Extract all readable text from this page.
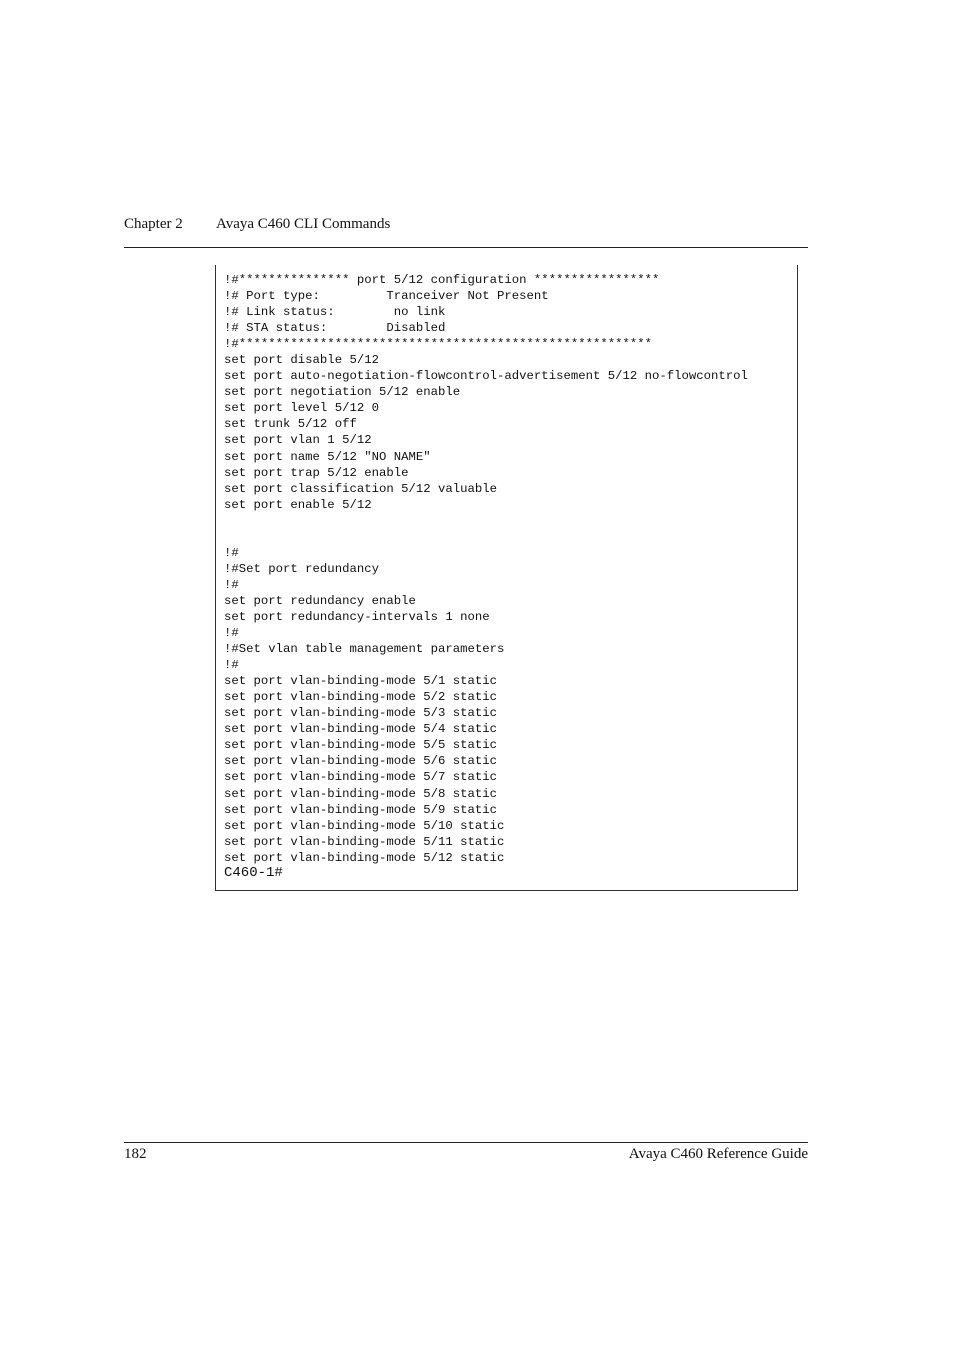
Chapter 2 Avaya C460 CLI Commands
!#*************** port 5/12 configuration *****************
!# Port type:         Tranceiver Not Present
!# Link status:        no link
!# STA status:        Disabled
!#********************************************************
set port disable 5/12
set port auto-negotiation-flowcontrol-advertisement 5/12 no-flowcontrol
set port negotiation 5/12 enable
set port level 5/12 0
set trunk 5/12 off
set port vlan 1 5/12
set port name 5/12 "NO NAME"
set port trap 5/12 enable
set port classification 5/12 valuable
set port enable 5/12
!#
!#Set port redundancy
!#
set port redundancy enable
set port redundancy-intervals 1 none
!#
!#Set vlan table management parameters
!#
set port vlan-binding-mode 5/1 static
set port vlan-binding-mode 5/2 static
set port vlan-binding-mode 5/3 static
set port vlan-binding-mode 5/4 static
set port vlan-binding-mode 5/5 static
set port vlan-binding-mode 5/6 static
set port vlan-binding-mode 5/7 static
set port vlan-binding-mode 5/8 static
set port vlan-binding-mode 5/9 static
set port vlan-binding-mode 5/10 static
set port vlan-binding-mode 5/11 static
set port vlan-binding-mode 5/12 static
C460-1#
182	Avaya C460 Reference Guide
